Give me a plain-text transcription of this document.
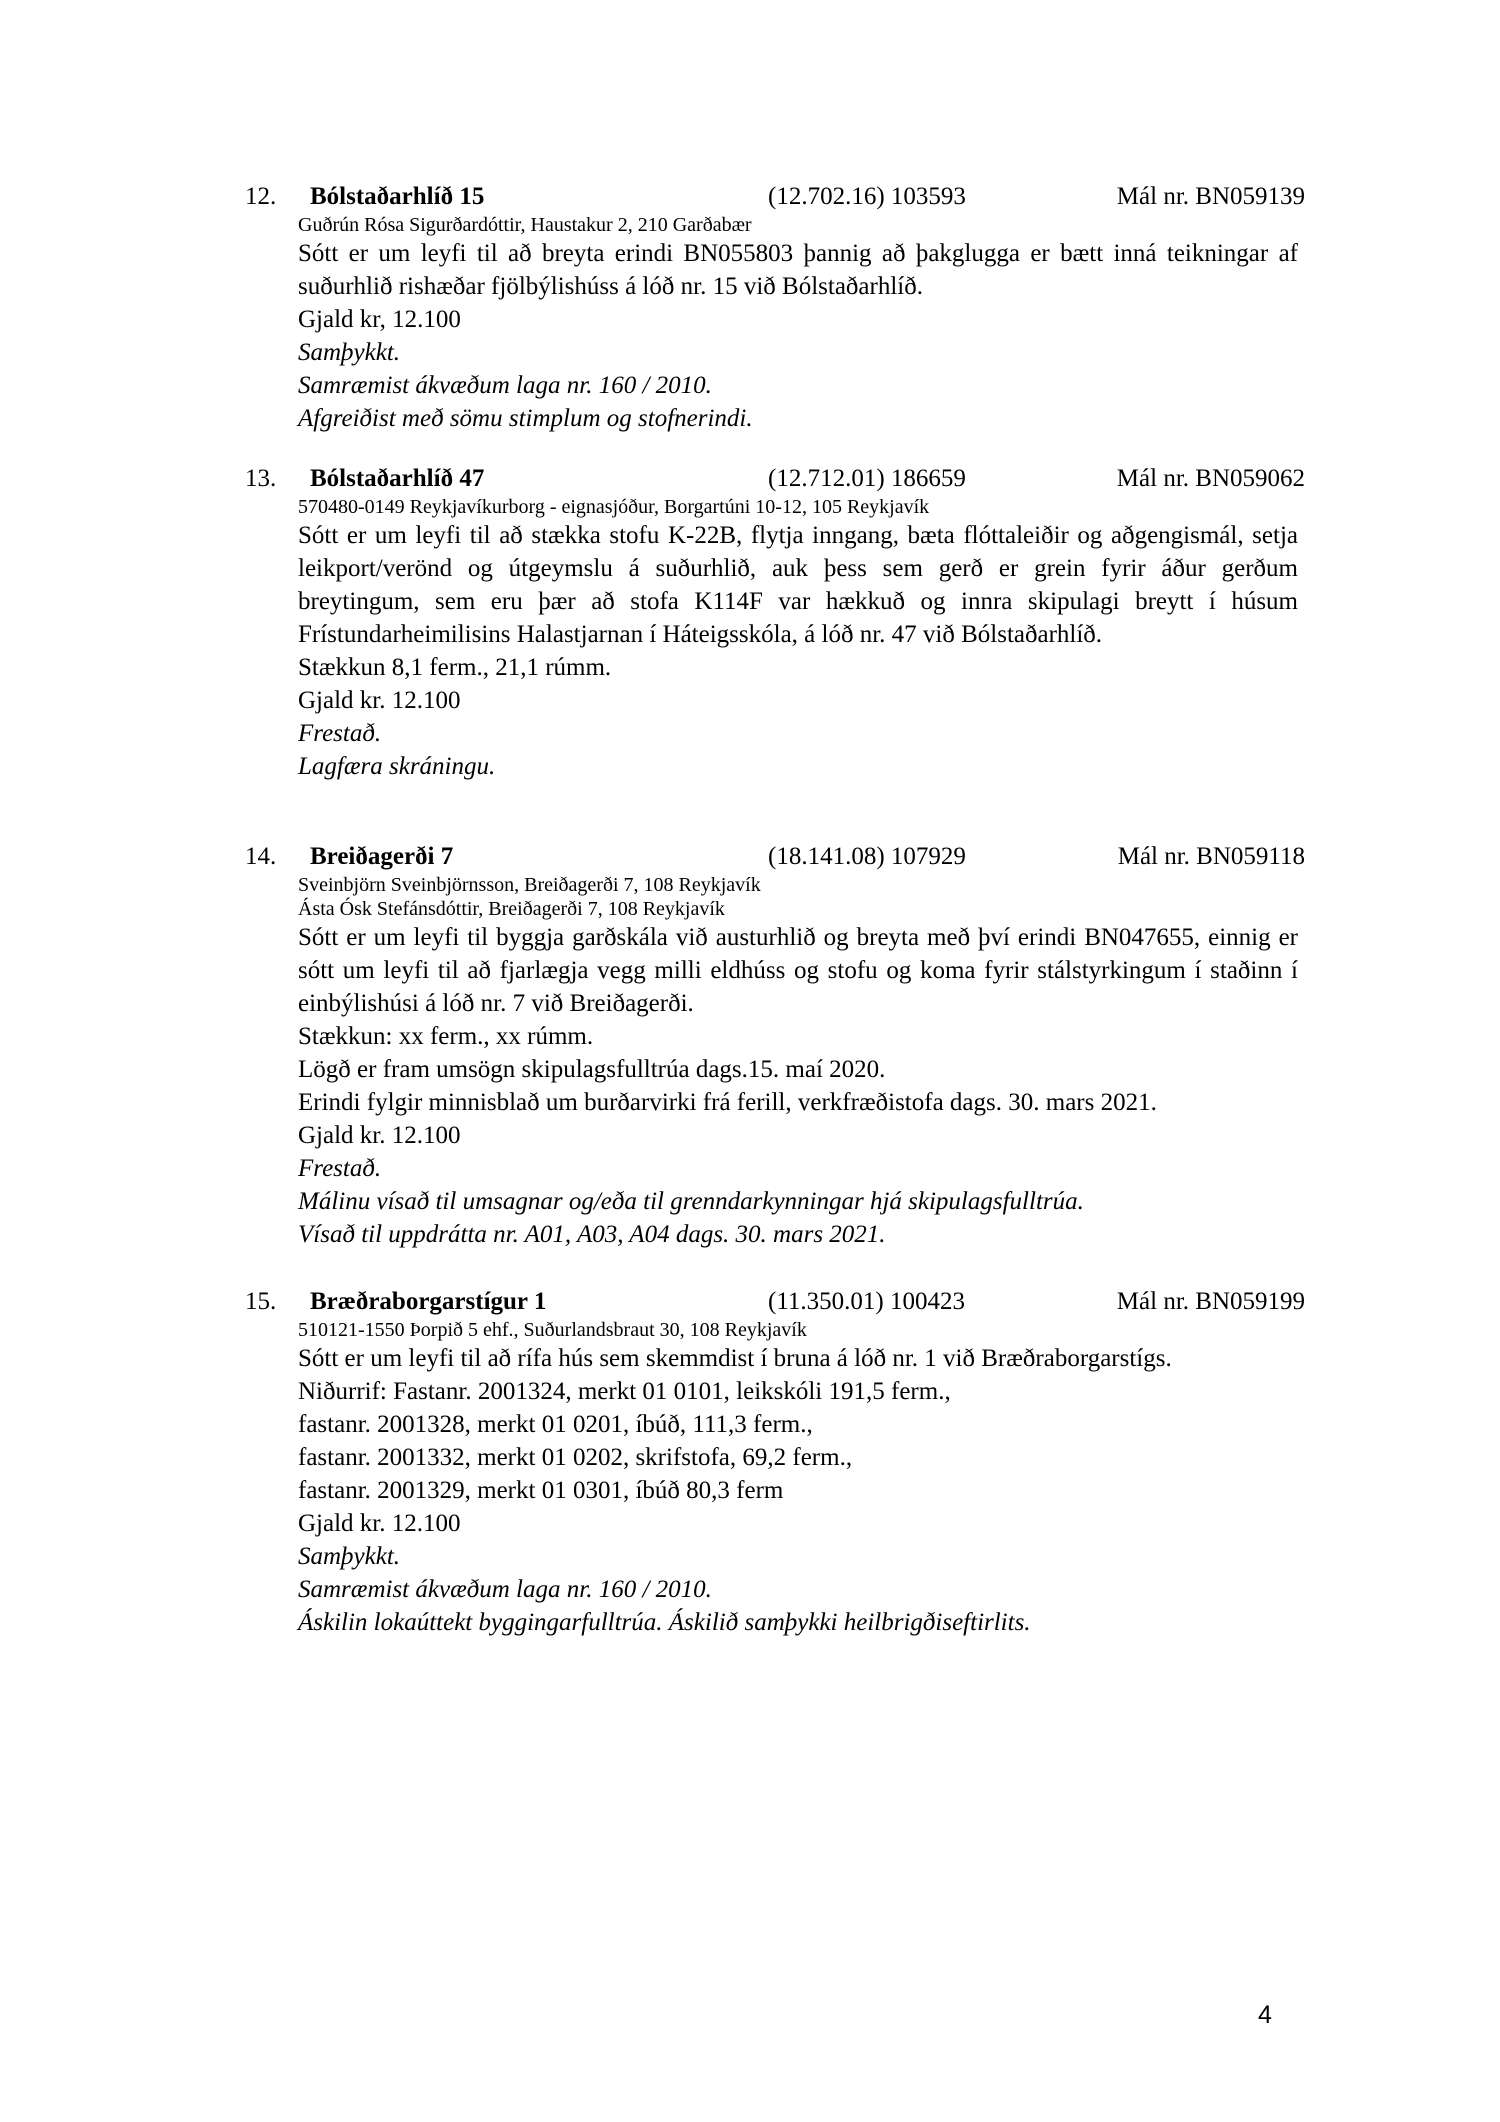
12. Bólstaðarhlíð 15	(12.702.16) 103593	Mál nr. BN059139
Guðrún Rósa Sigurðardóttir, Haustakur 2, 210 Garðabær
Sótt er um leyfi til að breyta erindi BN055803 þannig að þakglugga er bætt inná teikningar af suðurhlið rishæðar fjölbýlishúss á lóð nr. 15 við Bólstaðarhlíð.
Gjald kr, 12.100
Samþykkt.
Samræmist ákvæðum laga nr. 160 / 2010.
Afgreiðist með sömu stimplum og stofnerindi.
13. Bólstaðarhlíð 47	(12.712.01) 186659	Mál nr. BN059062
570480-0149 Reykjavíkurborg - eignasjóður, Borgartúni 10-12, 105 Reykjavík
Sótt er um leyfi til að stækka stofu K-22B, flytja inngang, bæta flóttaleiðir og aðgengismál, setja leikport/verönd og útgeymslu á suðurhlið, auk þess sem gerð er grein fyrir áður gerðum breytingum, sem eru þær að stofa K114F var hækkuð og innra skipulagi breytt í húsum Frístundarheimilisins Halastjarnan í Háteigsskóla, á lóð nr. 47 við Bólstaðarhlíð.
Stækkun 8,1 ferm., 21,1 rúmm.
Gjald kr. 12.100
Frestað.
Lagfæra skráningu.
14. Breiðagerði 7	(18.141.08) 107929	Mál nr. BN059118
Sveinbjörn Sveinbjörnsson, Breiðagerði 7, 108 Reykjavík
Ásta Ósk Stefánsdóttir, Breiðagerði 7, 108 Reykjavík
Sótt er um leyfi til byggja garðskála við austurhlið og breyta með því erindi BN047655, einnig er sótt um leyfi til að fjarlægja vegg milli eldhúss og stofu og koma fyrir stálstyrkingum í staðinn í einbýlishúsi á lóð nr. 7 við Breiðagerði.
Stækkun: xx ferm., xx rúmm.
Lögð er fram umsögn skipulagsfulltrúa dags.15. maí 2020.
Erindi fylgir minnisblað um burðarvirki frá ferill, verkfræðistofa dags. 30. mars 2021.
Gjald kr. 12.100
Frestað.
Málinu vísað til umsagnar og/eða til grenndarkynningar hjá skipulagsfulltrúa.
Vísað til uppdrátta nr. A01, A03, A04 dags. 30. mars 2021.
15. Bræðraborgarstígur 1	(11.350.01) 100423	Mál nr. BN059199
510121-1550 Þorpið 5 ehf., Suðurlandsbraut 30, 108 Reykjavík
Sótt er um leyfi til að rífa hús sem skemmdist í bruna á lóð nr. 1 við Bræðraborgarstígs.
Niðurrif: Fastanr. 2001324, merkt 01 0101, leikskóli 191,5 ferm.,
fastanr. 2001328, merkt 01 0201, íbúð, 111,3 ferm.,
fastanr. 2001332, merkt 01 0202, skrifstofa, 69,2 ferm.,
fastanr. 2001329, merkt 01 0301, íbúð 80,3 ferm
Gjald kr. 12.100
Samþykkt.
Samræmist ákvæðum laga nr. 160 / 2010.
Áskilin lokaúttekt byggingarfulltrúa. Áskilið samþykki heilbrigðiseftirlits.
4
